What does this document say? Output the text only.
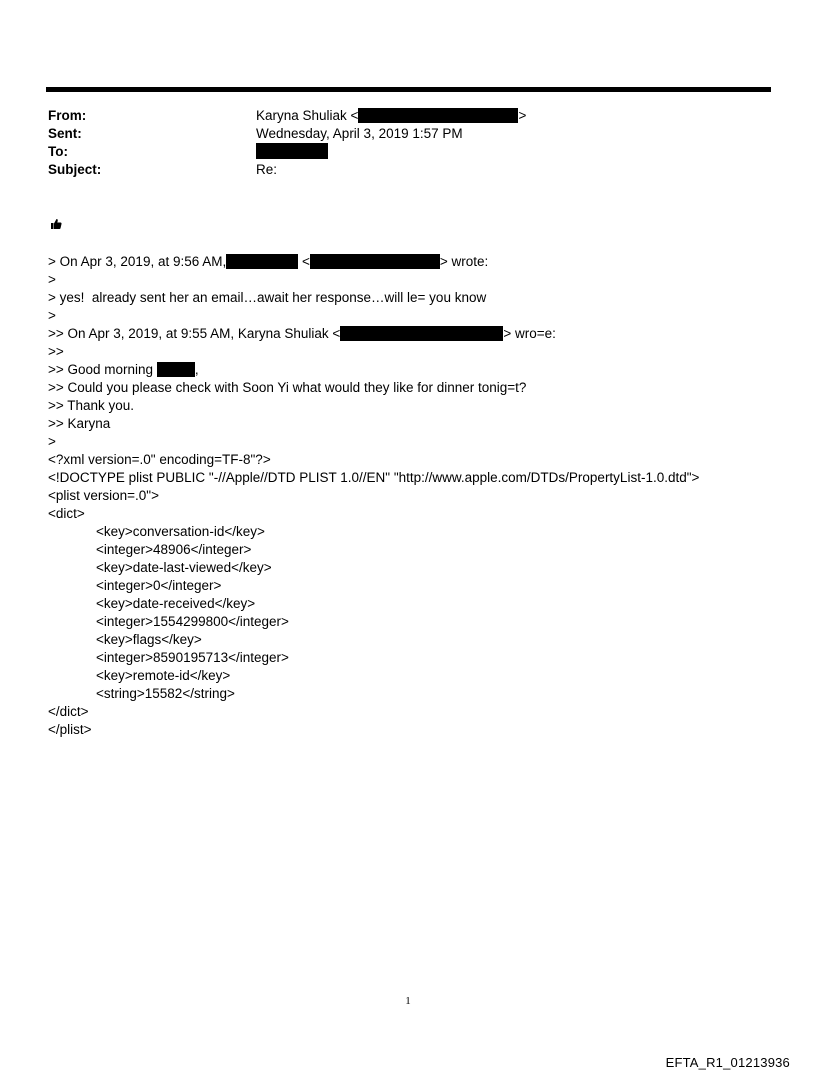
From:	Karyna Shuliak <	>
Sent:	Wednesday, April 3, 2019 1:57 PM
To:
Subject:	Re:
> On Apr 3, 2019, at 9:56 AM,	<	> wrote:
>
> yes!  already sent her an email…await her response…will le= you know
>
>> On Apr 3, 2019, at 9:55 AM, Karyna Shuliak <	> wro=e:
>>
>> Good morning	,
>> Could you please check with Soon Yi what would they like for dinner tonig=t?
>> Thank you.
>> Karyna
>
<?xml version=.0" encoding=TF-8"?>
<!DOCTYPE plist PUBLIC "-//Apple//DTD PLIST 1.0//EN" "http://www.apple.com/DTDs/PropertyList-1.0.dtd">
<plist version=.0">
<dict>
<key>conversation-id</key>
<integer>48906</integer>
<key>date-last-viewed</key>
<integer>0</integer>
<key>date-received</key>
<integer>1554299800</integer>
<key>flags</key>
<integer>8590195713</integer>
<key>remote-id</key>
<string>15582</string>
</dict>
</plist>
1
EFTA_R1_01213936
